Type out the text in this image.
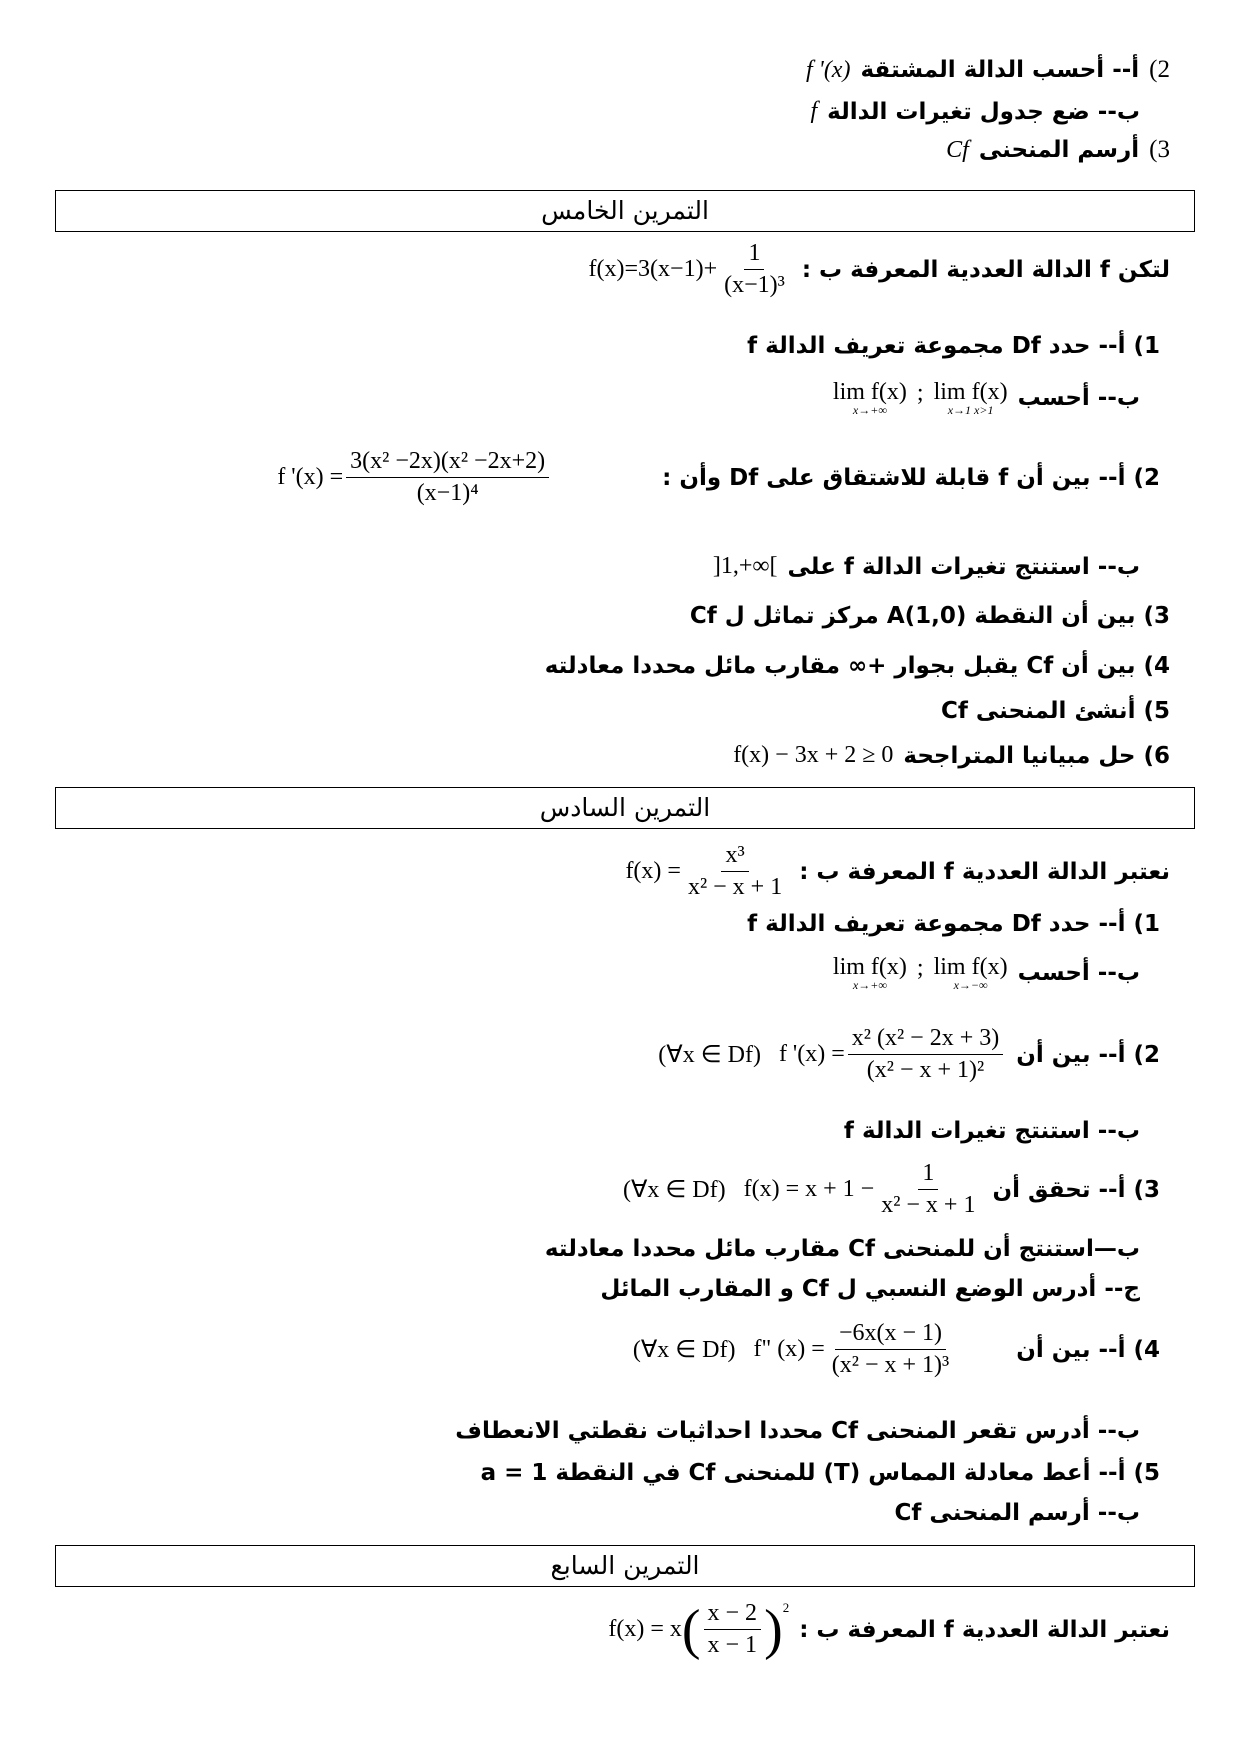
2)
أ-- أحسب الدالة المشتقة
f '(x)
ب-- ضع جدول تغيرات الدالة
f
3)
أرسم المنحنى
Cf
التمرين الخامس
لتكن f الدالة العددية المعرفة ب :
$f(x)=3(x-1)+ \frac{1}{\text{(x−1)³}}$
1) أ-- حدد Df مجموعة تعريف الدالة f
ب-- أحسب
lim f(x)
x→+∞
; lim f(x)
x→1 x>1
2) أ-- بين أن f قابلة للاشتقاق على Df وأن :
f '$(x) = \frac{\text{3(x² −2x)(x² −2x+2)}}{\text{(x−1)⁴}}$
ب-- استنتج تغيرات الدالة f على
]1,+∞[
3) بين أن النقطة A(1,0) مركز تماثل ل Cf
4) بين أن Cf يقبل بجوار +∞ مقارب مائل محددا معادلته
5) أنشئ المنحنى Cf
6) حل مبيانيا المتراجحة
f(x) − 3x + 2 ≥ 0
التمرين السادس
نعتبر الدالة العددية f المعرفة ب :
$f(x) = \frac{\text{x³}}{\text{x² − x + 1}}$
1) أ-- حدد Df مجموعة تعريف الدالة f
ب-- أحسب
lim f(x)
x→+∞
; lim f(x)
x→−∞
2) أ-- بين أن
(∀x ∈ Df) f '$(x) = \frac{\text{x² (x² − 2x + 3)}}{\text{(x² − x + 1)²}}$
ب-- استنتج تغيرات الدالة f
3) أ-- تحقق أن
(∀x ∈ Df) $f(x) = x + 1 - \frac{1}{\text{x² − x + 1}}$
ب—استنتج أن للمنحنى Cf مقارب مائل محددا معادلته
ج-- أدرس الوضع النسبي ل Cf و المقارب المائل
4) أ-- بين أن
(∀x ∈ Df) f" $(x) = \frac{-6x(x - 1)}{\text{(x² − x + 1)³}}$
ب-- أدرس تقعر المنحنى Cf محددا احداثيات نقطتي الانعطاف
5) أ-- أعط معادلة المماس (T) للمنحنى Cf في النقطة a = 1
ب-- أرسم المنحنى Cf
التمرين السابع
نعتبر الدالة العددية f المعرفة ب :
f(x) = x ( $\frac{x - 2}{x - 1} )^2$
